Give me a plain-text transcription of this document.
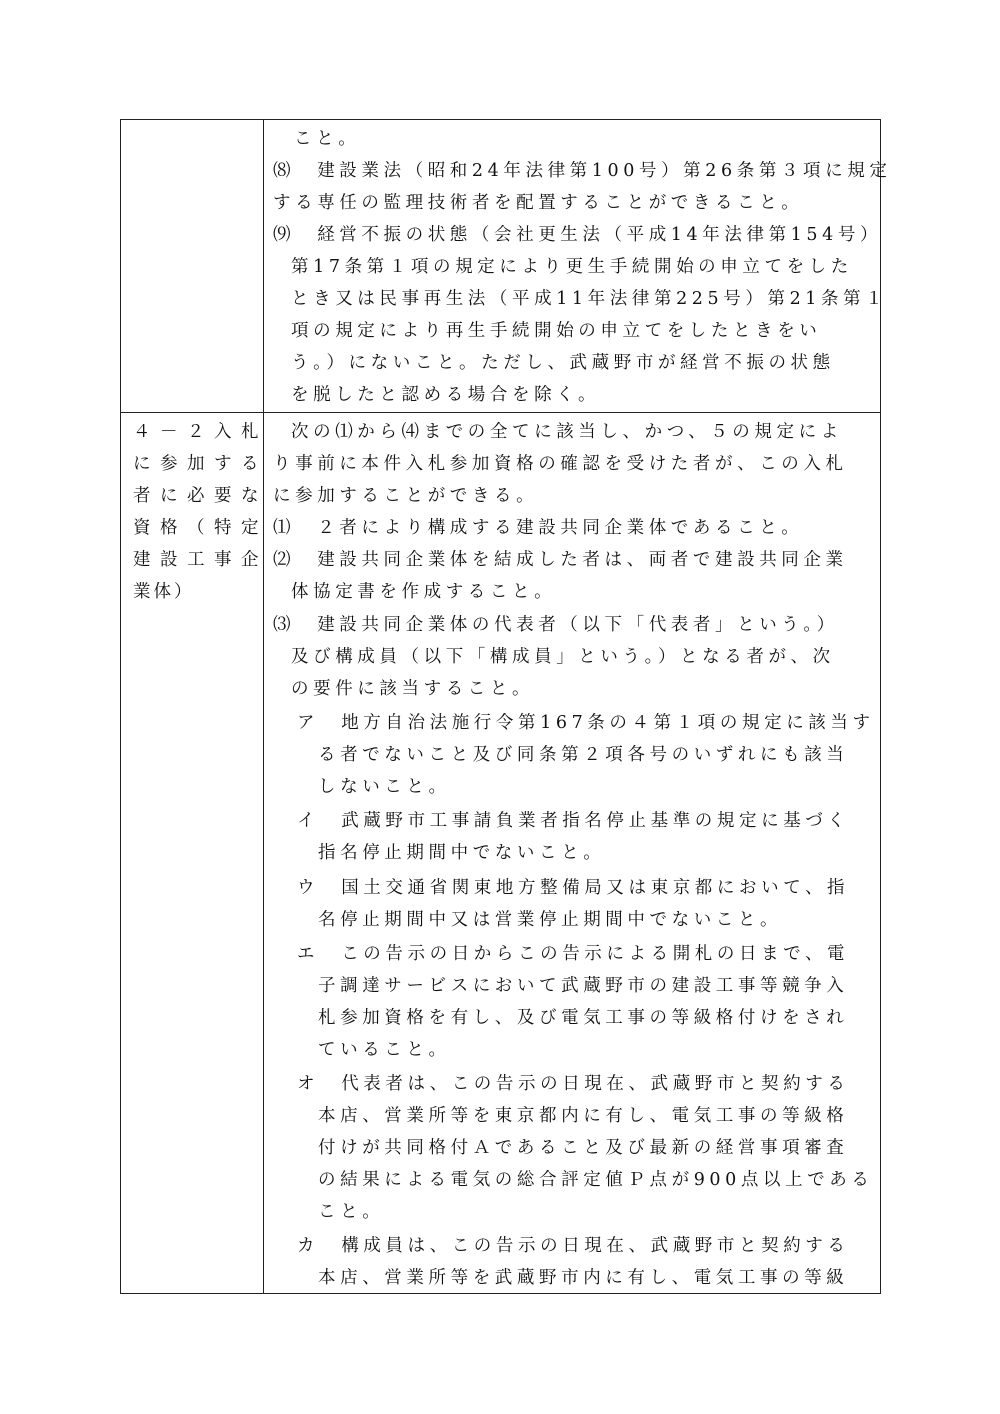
こと。
⑻　建設業法（昭和24年法律第100号）第26条第３項に規定
する専任の監理技術者を配置することができること。
⑼　経営不振の状態（会社更生法（平成14年法律第154号）
第17条第１項の規定により更生手続開始の申立てをした
とき又は民事再生法（平成11年法律第225号）第21条第１
項の規定により再生手続開始の申立てをしたときをい
う。）にないこと。ただし、武蔵野市が経営不振の状態
を脱したと認める場合を除く。
４－２入札
に参加する
者に必要な
資格（特定
建設工事企
業体）
次の⑴から⑷までの全てに該当し、かつ、５の規定によ
り事前に本件入札参加資格の確認を受けた者が、この入札
に参加することができる。
⑴　２者により構成する建設共同企業体であること。
⑵　建設共同企業体を結成した者は、両者で建設共同企業
体協定書を作成すること。
⑶　建設共同企業体の代表者（以下「代表者」という。）
及び構成員（以下「構成員」という。）となる者が、次
の要件に該当すること。
ア　地方自治法施行令第167条の４第１項の規定に該当す
る者でないこと及び同条第２項各号のいずれにも該当
しないこと。
イ　武蔵野市工事請負業者指名停止基準の規定に基づく
指名停止期間中でないこと。
ウ　国土交通省関東地方整備局又は東京都において、指
名停止期間中又は営業停止期間中でないこと。
エ　この告示の日からこの告示による開札の日まで、電
子調達サービスにおいて武蔵野市の建設工事等競争入
札参加資格を有し、及び電気工事の等級格付けをされ
ていること。
オ　代表者は、この告示の日現在、武蔵野市と契約する
本店、営業所等を東京都内に有し、電気工事の等級格
付けが共同格付Ａであること及び最新の経営事項審査
の結果による電気の総合評定値Ｐ点が900点以上である
こと。
カ　構成員は、この告示の日現在、武蔵野市と契約する
本店、営業所等を武蔵野市内に有し、電気工事の等級
